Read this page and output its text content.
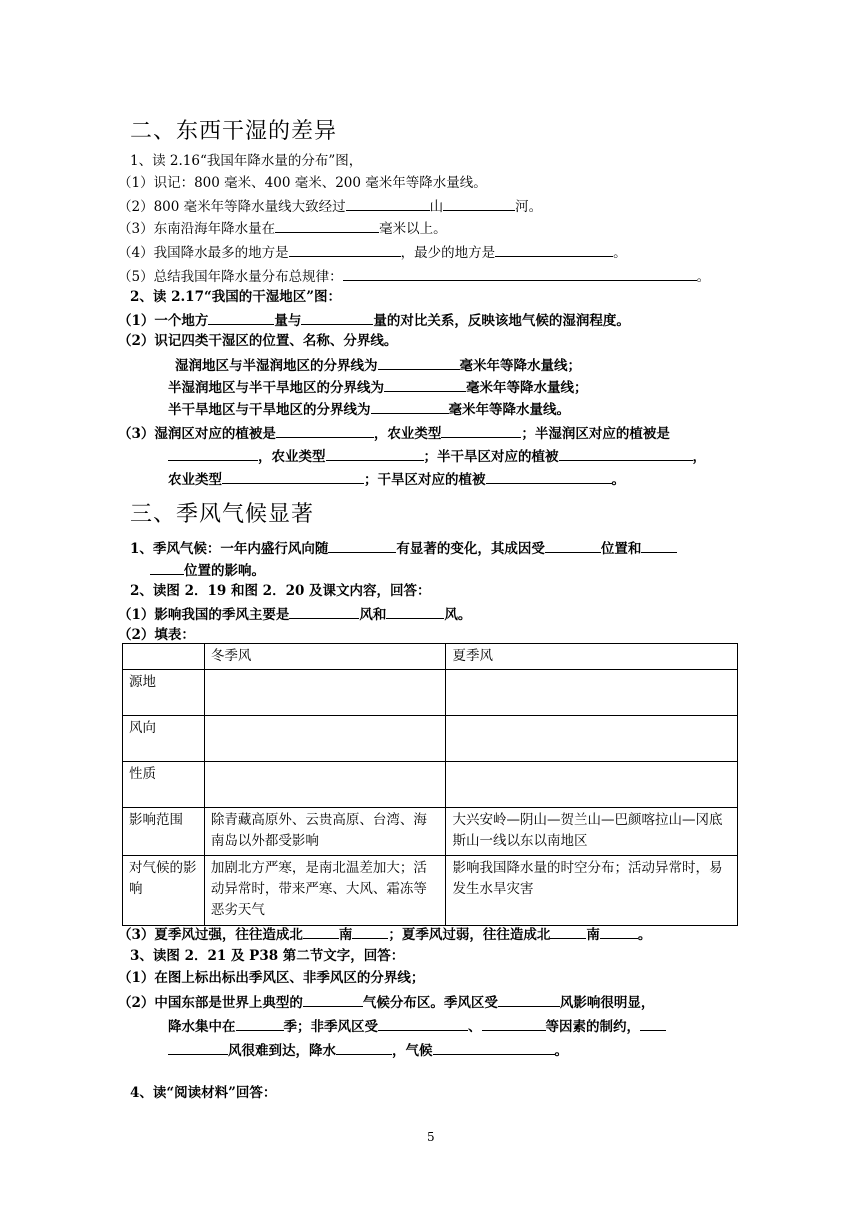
二、东西干湿的差异
1、读 2.16“我国年降水量的分布”图，
（1）识记：800 毫米、400 毫米、200 毫米年等降水量线。
（2）800 毫米年等降水量线大致经过	山	河。
（3）东南沿海年降水量在	毫米以上。
（4）我国降水最多的地方是	，最少的地方是	。
（5）总结我国年降水量分布总规律：	。
2、读 2.17“我国的干湿地区”图：
（1）一个地方	量与	量的对比关系，反映该地气候的湿润程度。
（2）识记四类干湿区的位置、名称、分界线。
湿润地区与半湿润地区的分界线为	毫米年等降水量线；
半湿润地区与半干旱地区的分界线为	毫米年等降水量线；
半干旱地区与干旱地区的分界线为	毫米年等降水量线。
（3）湿润区对应的植被是	，农业类型	；半湿润区对应的植被是
，农业类型	；半干旱区对应的植被	，
农业类型	；干旱区对应的植被	。
三、季风气候显著
1、季风气候：一年内盛行风向随	有显著的变化，其成因受	位置和
位置的影响。
2、读图 2．19 和图 2．20 及课文内容，回答：
（1）影响我国的季风主要是	风和	风。
（2）填表：
	冬季风	夏季风
源地		
风向		
性质		
影响范围	除青藏高原外、云贵高原、台湾、海南岛以外都受影响	大兴安岭—阴山—贺兰山—巴颜喀拉山—冈底斯山一线以东以南地区
对气候的影响	加剧北方严寒，是南北温差加大；活动异常时，带来严寒、大风、霜冻等恶劣天气	影响我国降水量的时空分布；活动异常时，易发生水旱灾害
（3）夏季风过强，往往造成北	南	；夏季风过弱，往往造成北	南	。
3、读图 2．21 及 P38 第二节文字，回答：
（1）在图上标出标出季风区、非季风区的分界线；
（2）中国东部是世界上典型的	气候分布区。季风区受	风影响很明显，
降水集中在	季；非季风区受	、	等因素的制约，
风很难到达，降水	，气候	。
4、读“阅读材料”回答：
5
